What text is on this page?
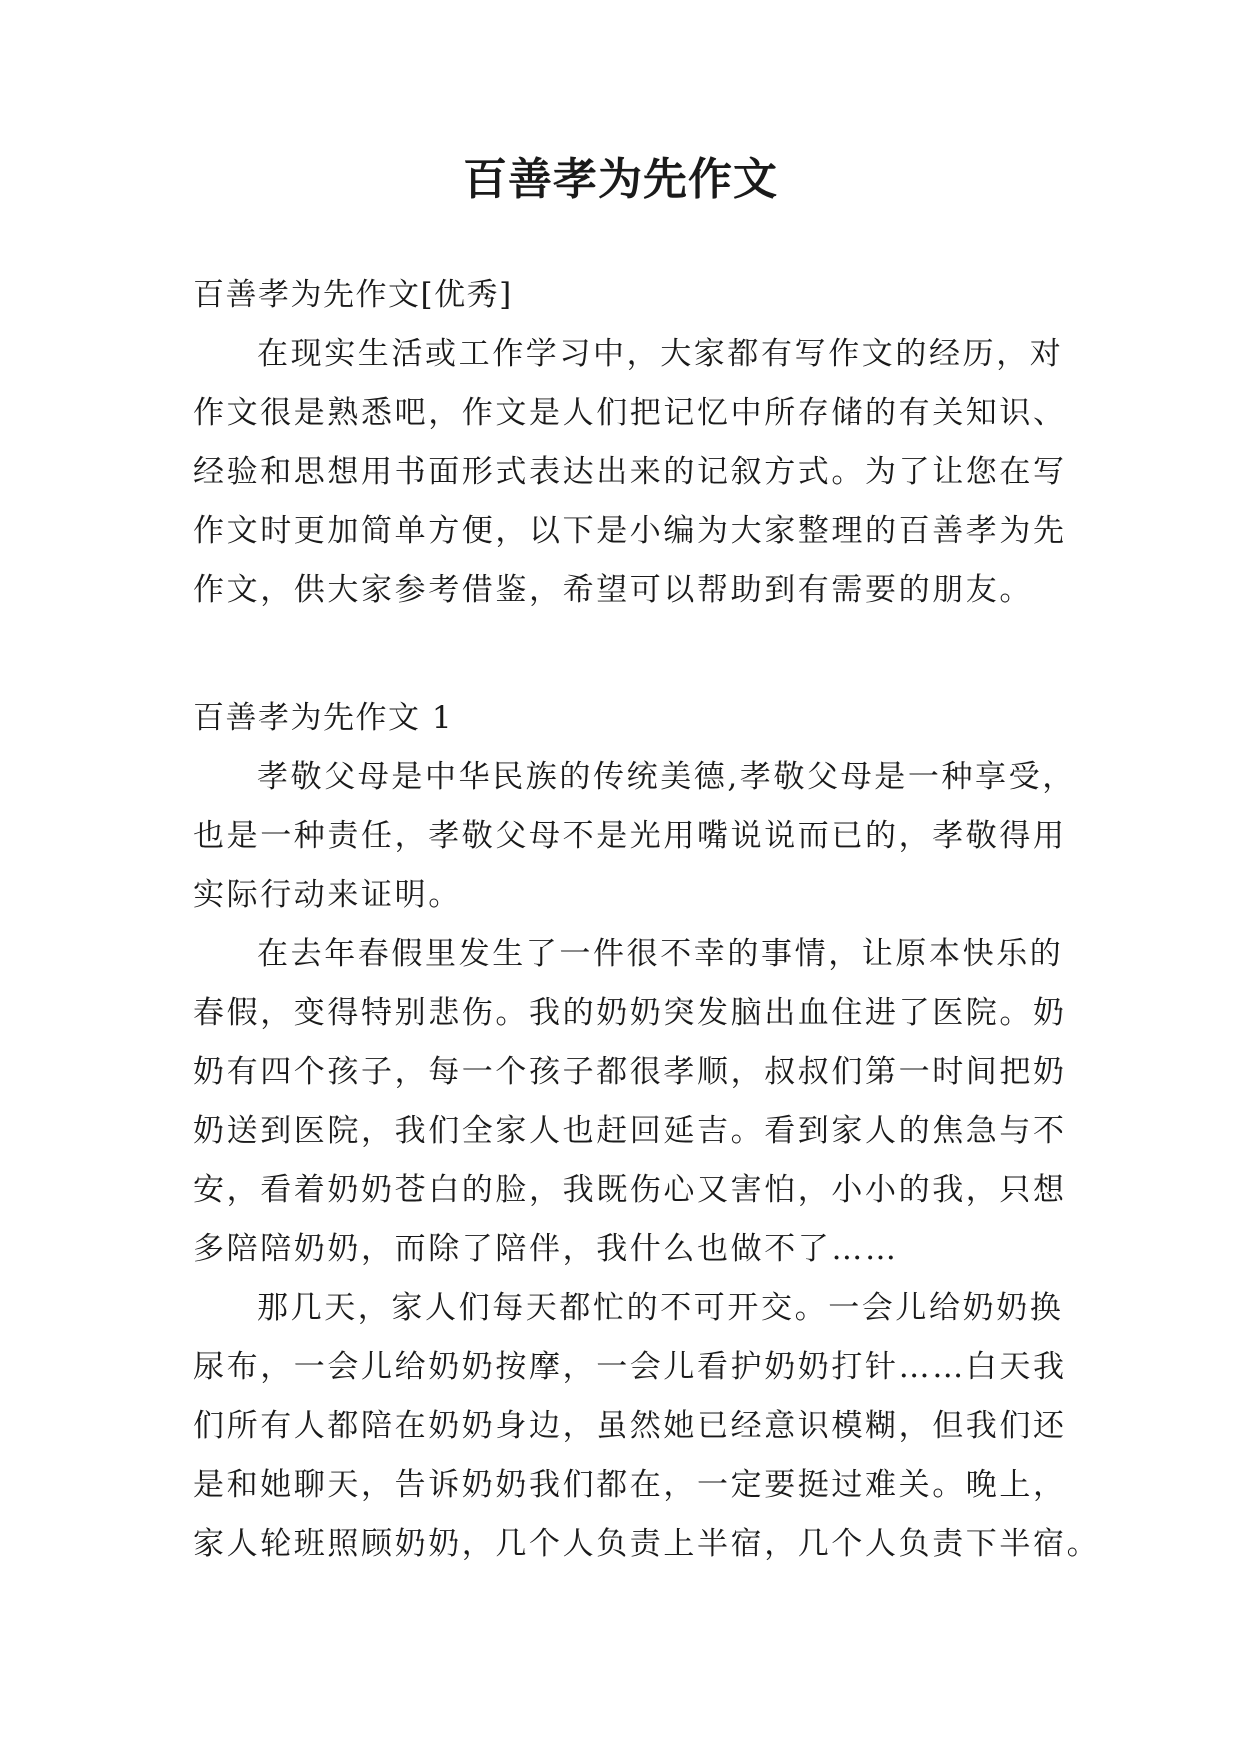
百善孝为先作文
百善孝为先作文[优秀]
在现实生活或工作学习中，大家都有写作文的经历，对
作文很是熟悉吧，作文是人们把记忆中所存储的有关知识、
经验和思想用书面形式表达出来的记叙方式。为了让您在写
作文时更加简单方便，以下是小编为大家整理的百善孝为先
作文，供大家参考借鉴，希望可以帮助到有需要的朋友。
百善孝为先作文 1
孝敬父母是中华民族的传统美德,孝敬父母是一种享受，
也是一种责任，孝敬父母不是光用嘴说说而已的，孝敬得用
实际行动来证明。
在去年春假里发生了一件很不幸的事情，让原本快乐的
春假，变得特别悲伤。我的奶奶突发脑出血住进了医院。奶
奶有四个孩子，每一个孩子都很孝顺，叔叔们第一时间把奶
奶送到医院，我们全家人也赶回延吉。看到家人的焦急与不
安，看着奶奶苍白的脸，我既伤心又害怕，小小的我，只想
多陪陪奶奶，而除了陪伴，我什么也做不了……
那几天，家人们每天都忙的不可开交。一会儿给奶奶换
尿布，一会儿给奶奶按摩，一会儿看护奶奶打针……白天我
们所有人都陪在奶奶身边，虽然她已经意识模糊，但我们还
是和她聊天，告诉奶奶我们都在，一定要挺过难关。晚上，
家人轮班照顾奶奶，几个人负责上半宿，几个人负责下半宿。
